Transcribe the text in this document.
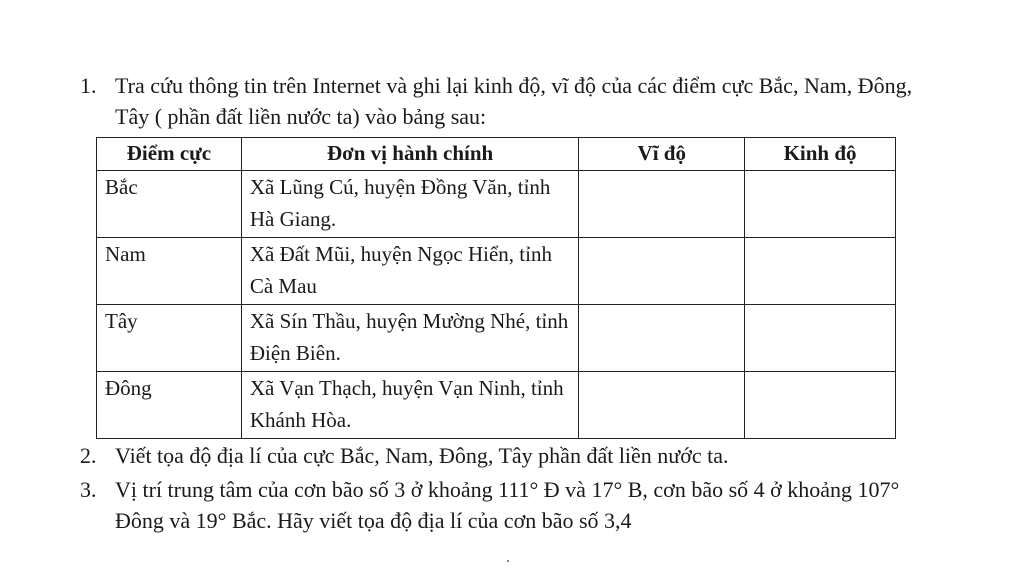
1. Tra cứu thông tin trên Internet và ghi lại kinh độ, vĩ độ của các điểm cực Bắc, Nam, Đông, Tây ( phần đất liền nước ta) vào bảng sau:
Điểm cực	Đơn vị hành chính	Vĩ độ	Kinh độ
Bắc	Xã Lũng Cú, huyện Đồng Văn, tỉnh Hà Giang.		
Nam	Xã Đất Mũi, huyện Ngọc Hiển, tỉnh Cà Mau		
Tây	Xã Sín Thầu, huyện Mường Nhé, tỉnh Điện Biên.		
Đông	Xã Vạn Thạch, huyện Vạn Ninh, tỉnh Khánh Hòa.		
2. Viết tọa độ địa lí của cực Bắc, Nam, Đông, Tây phần đất liền nước ta.
3. Vị trí trung tâm của cơn bão số 3 ở khoảng 111° Đ và 17° B, cơn bão số 4 ở khoảng 107° Đông và 19° Bắc. Hãy viết tọa độ địa lí của cơn bão số 3,4
